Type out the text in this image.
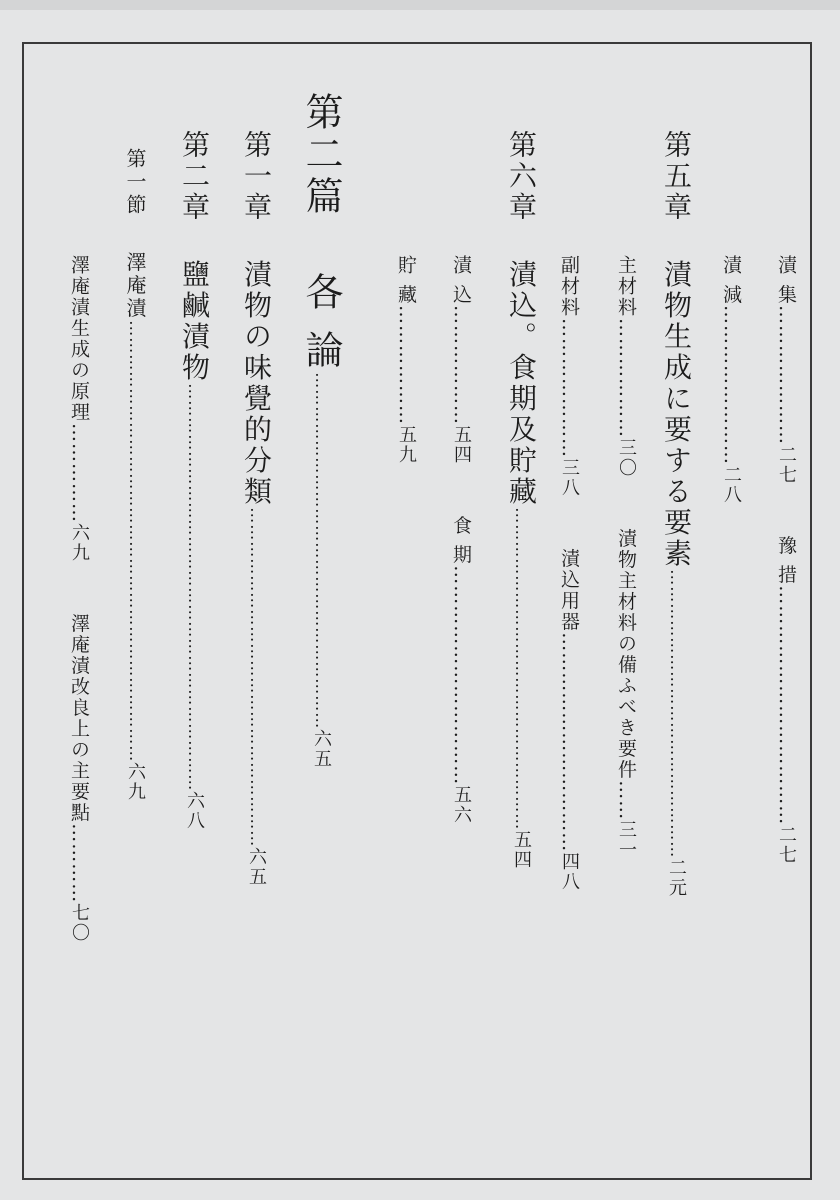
第五章  漬物生成に要する要素……………………………………………二元
漬 集…………………二七  豫 措………………………………二七
漬 減……………………二八
主材料………………三〇  漬物主材料の備ふべき要件……三一
副材料…………………三八  漬込用器……………………………四八
第六章  漬込。食期及貯藏…………………………………………………五四
漬 込………………五四  食 期……………………………五六
貯 藏………………五九
第二篇  各 論………………………………………………………六五
第一章  漬物の味覺的分類……………………………………………………六五
第二章  鹽鹹漬物………………………………………………………………六八
第一節  澤庵漬……………………………………………………………………六九
澤庵漬生成の原理……………六九  澤庵漬改良上の主要點…………七〇
